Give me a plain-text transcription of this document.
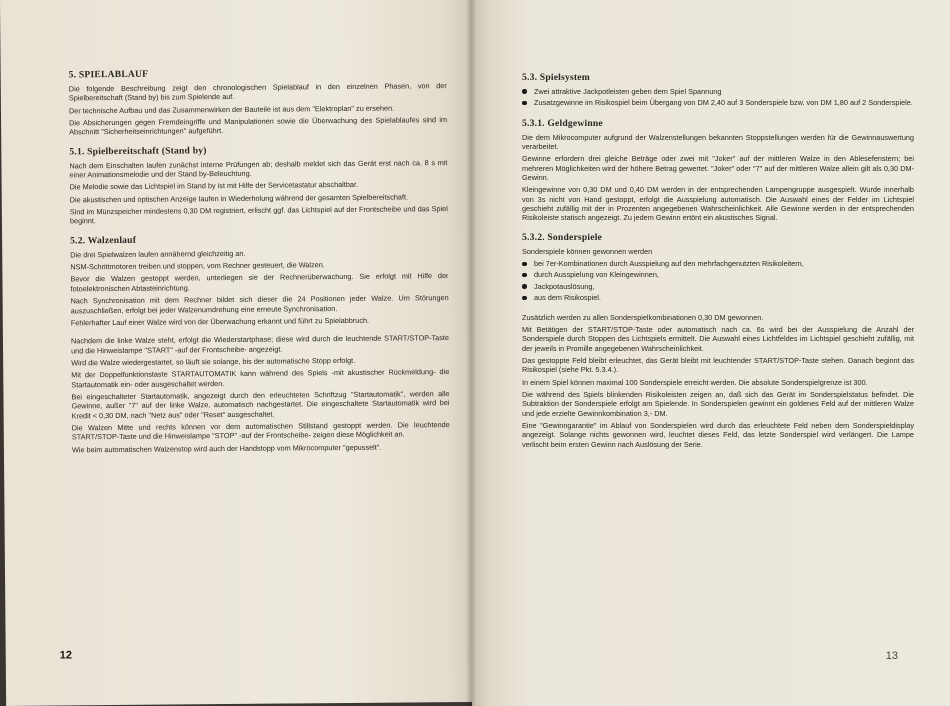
5. SPIELABLAUF

Die folgende Beschreibung zeigt den chronologischen Spielablauf in den einzelnen Phasen, von der Spielbereitschaft (Stand by) bis zum Spielende auf.

Der technische Aufbau und das Zusammenwirken der Bauteile ist aus dem "Elektroplan" zu ersehen.

Die Absicherungen gegen Fremdeingriffe und Manipulationen sowie die Überwachung des Spielablaufes sind im Abschnitt "Sicherheitseinrichtungen" aufgeführt.

5.1. Spielbereitschaft (Stand by)

Nach dem Einschalten laufen zunächst interne Prüfungen ab; deshalb meldet sich das Gerät erst nach ca. 8 s mit einer Animationsmelodie und der Stand by-Beleuchtung.

Die Melodie sowie das Lichtspiel im Stand by ist mit Hilfe der Servicetastatur abschaltbar.

Die akustischen und optischen Anzeige laufen in Wiederholung während der gesamten Spielbereitschaft.

Sind im Münzspeicher mindestens 0,30 DM registriert, erlischt ggf. das Lichtspiel auf der Frontscheibe und das Spiel beginnt.

5.2. Walzenlauf

Die drei Spielwalzen laufen annähernd gleichzeitig an.

NSM-Schrittmotoren treiben und stoppen, vom Rechner gesteuert, die Walzen.

Bevor die Walzen gestoppt werden, unterliegen sie der Rechnerüberwachung. Sie erfolgt mit Hilfe der fotoelektronischen Abtasteinrichtung.

Nach Synchronisation mit dem Rechner bildet sich dieser die 24 Positionen jeder Walze. Um Störungen auszuschließen, erfolgt bei jeder Walzenumdrehung eine erneute Synchronisation.

Fehlerhafter Lauf einer Walze wird von der Überwachung erkannt und führt zu Spielabbruch.

Nachdem die linke Walze steht, erfolgt die Wiederstartphase; diese wird durch die leuchtende START/STOP-Taste und die Hinweislampe "START" -auf der Frontscheibe- angezeigt.

Wird die Walze wiedergestartet, so läuft sie solange, bis der automatische Stopp erfolgt.

Mit der Doppelfunktionstaste STARTAUTOMATIK kann während des Spiels -mit akustischer Rückmeldung- die Startautomatik ein- oder ausgeschaltet werden.

Bei eingeschalteter Startautomatik, angezeigt durch den erleuchteten Schriftzug "Startautomatik", werden alle Gewinne, außer "7" auf der linke Walze, automatisch nachgestartet. Die eingeschaltete Startautomatik wird bei Kredit < 0,30 DM, nach "Netz aus" oder "Reset" ausgeschaltet.

Die Walzen Mitte und rechts können vor dem automatischen Stillstand gestoppt werden. Die leuchtende START/STOP-Taste und die Hinweislampe "STOP" -auf der Frontscheibe- zeigen diese Möglichkeit an.

Wie beim automatischen Walzenstop wird auch der Handstopp vom Mikrocomputer "gepusselt".

12
5.3. Spielsystem
Zwei attraktive Jackpotleisten geben dem Spiel Spannung
Zusatzgewinne im Risikospiel beim Übergang von DM 2,40 auf 3 Sonderspiele bzw. von DM 1,80 auf 2 Sonderspiele.
5.3.1. Geldgewinne

Die dem Mikrocomputer aufgrund der Walzenstellungen bekannten Stoppstellungen werden für die Gewinnauswertung verarbeitet.

Gewinne erfordern drei gleiche Beträge oder zwei mit "Joker" auf der mittleren Walze in den Ablesefenstern; bei mehreren Möglichkeiten wird der höhere Betrag gewertet. "Joker" oder "7" auf der mittleren Walze allein gilt als 0,30 DM-Gewinn.

Kleingewinne von 0,30 DM und 0,40 DM werden in der entsprechenden Lampengruppe ausgespielt. Wurde innerhalb von 3s nicht von Hand gestoppt, erfolgt die Ausspielung automatisch. Die Auswahl eines der Felder im Lichtspiel geschieht zufällig mit der in Prozenten angegebenen Wahrscheinlichkeit. Alle Gewinne werden in der entsprechenden Risikoleiste statisch angezeigt. Zu jedem Gewinn ertönt ein akustisches Signal.

5.3.2. Sonderspiele

Sonderspiele können gewonnen werden

bei 7er-Kombinationen durch Ausspielung auf den mehrfachgenutzten Risikoleitern,
durch Ausspielung von Kleingewinnen,
Jackpotauslösung,
aus dem Risikospiel.

Zusätzlich werden zu allen Sonderspielkombinationen 0,30 DM gewonnen.

Mit Betätigen der START/STOP-Taste oder automatisch nach ca. 6s wird bei der Ausspielung die Anzahl der Sonderspiele durch Stoppen des Lichtspiels ermittelt. Die Auswahl eines Lichtfeldes im Lichtspiel geschieht zufällig, mit der jeweils in Promille angegebenen Wahrscheinlichkeit.

Das gestoppte Feld bleibt erleuchtet, das Gerät bleibt mit leuchtender START/STOP-Taste stehen. Danach beginnt das Risikospiel (siehe Pkt. 5.3.4.).

In einem Spiel können maximal 100 Sonderspiele erreicht werden. Die absolute Sonderspielgrenze ist 300.

Die während des Spiels blinkenden Risikoleisten zeigen an, daß sich das Gerät im Sonderspielstatus befindet. Die Subtraktion der Sonderspiele erfolgt am Spielende. In Sonderspielen gewinnt ein goldenes Feld auf der mittleren Walze und jede erzielte Gewinnkombination 3,- DM.

Eine "Gewinngarantie" im Ablauf von Sonderspielen wird durch das erleuchtete Feld neben dem Sonderspieldisplay angezeigt. Solange nichts gewonnen wird, leuchtet dieses Feld, das letzte Sonderspiel wird verlängert. Die Lampe verlischt beim ersten Gewinn nach Auslösung der Serie.

13
